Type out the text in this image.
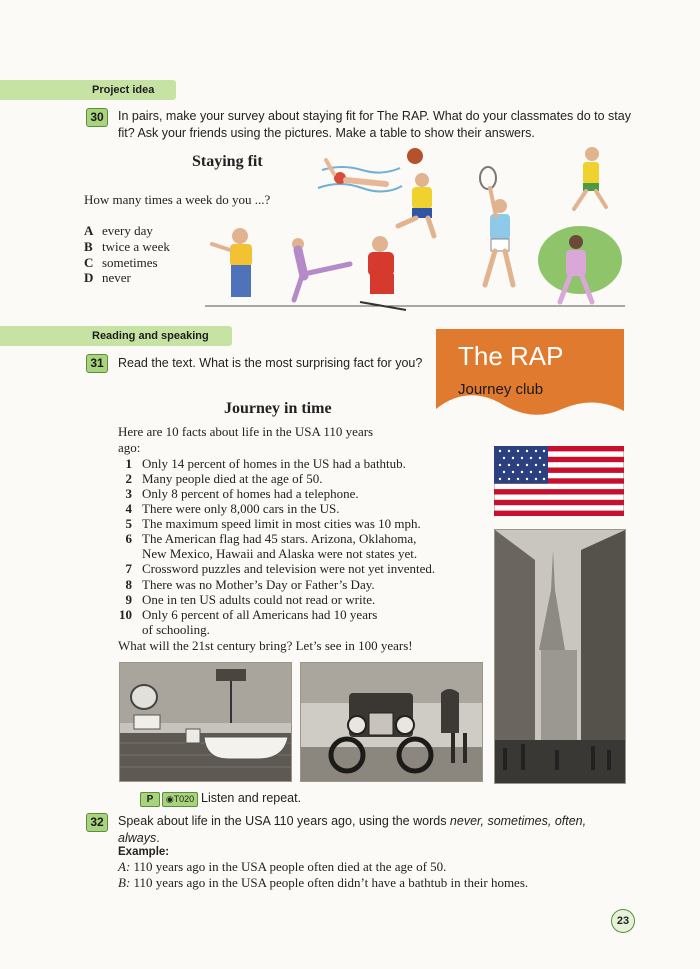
Project idea
30	In pairs, make your survey about staying fit for The RAP. What do your classmates do to stay fit? Ask your friends using the pictures. Make a table to show their answers.
Staying fit
How many times a week do you ...?
A every day
B twice a week
C sometimes
D never
Reading and speaking
The RAP
Journey club
31	Read the text. What is the most surprising fact for you?
Journey in time
Here are 10 facts about life in the USA 110 years
ago:
1 Only 14 percent of homes in the US had a bathtub.
2 Many people died at the age of 50.
3 Only 8 percent of homes had a telephone.
4 There were only 8,000 cars in the US.
5 The maximum speed limit in most cities was 10 mph.
6 The American flag had 45 stars. Arizona, Oklahoma,
New Mexico, Hawaii and Alaska were not states yet.
7 Crossword puzzles and television were not yet invented.
8 There was no Mother’s Day or Father’s Day.
9 One in ten US adults could not read or write.
10 Only 6 percent of all Americans had 10 years
of schooling.
What will the 21st century bring? Let’s see in 100 years!
P	◉T020 Listen and repeat.
32	Speak about life in the USA 110 years ago, using the words never, sometimes, often,
always.
Example:
A: 110 years ago in the USA people often died at the age of 50.
B: 110 years ago in the USA people often didn’t have a bathtub in their homes.
23
